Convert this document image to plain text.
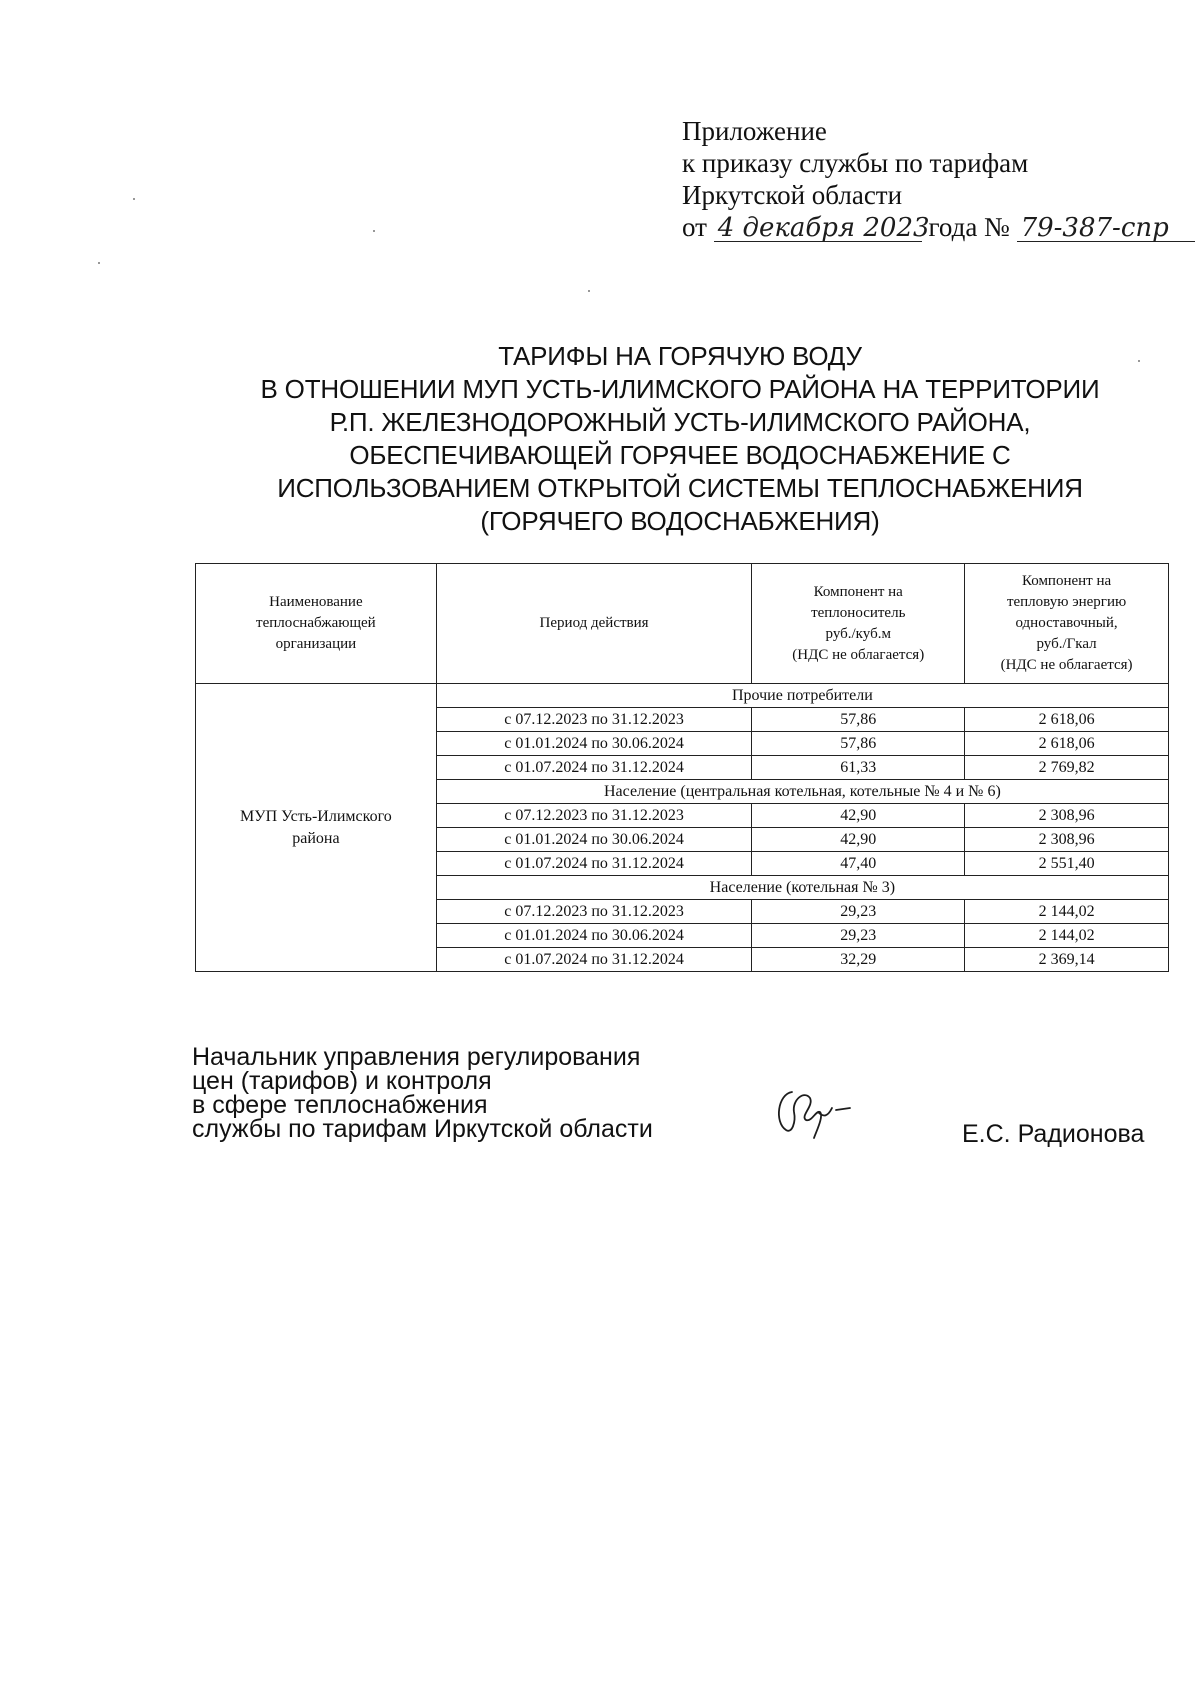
Приложение
к приказу службы по тарифам
Иркутской области
от 4 декабря 2023 года № 79-387-спр
ТАРИФЫ НА ГОРЯЧУЮ ВОДУ
В ОТНОШЕНИИ МУП УСТЬ-ИЛИМСКОГО РАЙОНА НА ТЕРРИТОРИИ
Р.П. ЖЕЛЕЗНОДОРОЖНЫЙ УСТЬ-ИЛИМСКОГО РАЙОНА,
ОБЕСПЕЧИВАЮЩЕЙ ГОРЯЧЕЕ ВОДОСНАБЖЕНИЕ С
ИСПОЛЬЗОВАНИЕМ ОТКРЫТОЙ СИСТЕМЫ ТЕПЛОСНАБЖЕНИЯ
(ГОРЯЧЕГО ВОДОСНАБЖЕНИЯ)
Наименование
теплоснабжающей
организации	Период действия	Компонент на
теплоноситель
руб./куб.м
(НДС не облагается)	Компонент на
тепловую энергию
одноставочный,
руб./Гкал
(НДС не облагается)
МУП Усть-Илимского
района	Прочие потребители		
	с 07.12.2023 по 31.12.2023	57,86	2 618,06
	с 01.01.2024 по 30.06.2024	57,86	2 618,06
	с 01.07.2024 по 31.12.2024	61,33	2 769,82
	Население (центральная котельная, котельные № 4 и № 6)		
	с 07.12.2023 по 31.12.2023	42,90	2 308,96
	с 01.01.2024 по 30.06.2024	42,90	2 308,96
	с 01.07.2024 по 31.12.2024	47,40	2 551,40
	Население (котельная № 3)		
	с 07.12.2023 по 31.12.2023	29,23	2 144,02
	с 01.01.2024 по 30.06.2024	29,23	2 144,02
	с 01.07.2024 по 31.12.2024	32,29	2 369,14
Начальник управления регулирования
цен (тарифов) и контроля
в сфере теплоснабжения
службы по тарифам Иркутской области	Е.С. Радионова
